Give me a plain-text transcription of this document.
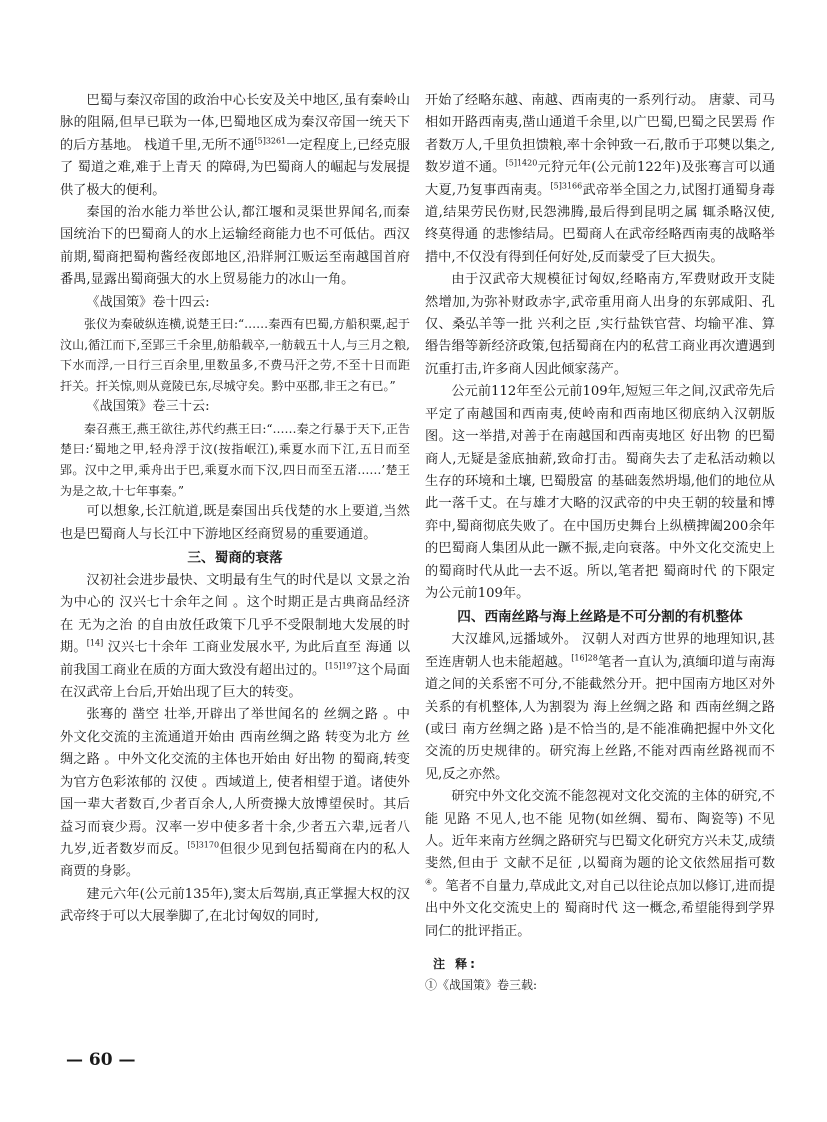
巴蜀与秦汉帝国的政治中心长安及关中地区,虽有秦岭山脉的阻隔,但早已联为一体,巴蜀地区成为秦汉帝国一统天下的后方基地。 栈道千里,无所不通$^{[5]3261}$一定程度上,已经克服了 蜀道之难,难于上青天 的障碍,为巴蜀商人的崛起与发展提供了极大的便利。

秦国的治水能力举世公认,都江堰和灵渠世界闻名,而秦国统治下的巴蜀商人的水上运输经商能力也不可低估。西汉前期,蜀商把蜀枸酱经夜郎地区,沿牂牁江贩运至南越国首府番禺,显露出蜀商强大的水上贸易能力的冰山一角。

《战国策》卷十四云:

张仪为秦破纵连横,说楚王曰:“……秦西有巴蜀,方船积粟,起于汶山,循江而下,至郢三千余里,舫船载卒,一舫载五十人,与三月之粮,下水而浮,一日行三百余里,里数虽多,不费马汗之劳,不至十日而距扞关。扞关惊,则从竟陵已东,尽城守矣。黔中巫郡,非王之有已。”

《战国策》卷三十云:

秦召燕王,燕王欲往,苏代约燕王曰:“……秦之行暴于天下,正告楚曰:‘蜀地之甲,轻舟浮于汶(按指岷江),乘夏水而下江,五日而至郢。汉中之甲,乘舟出于巴,乘夏水而下汉,四日而至五渚……’楚王为是之故,十七年事秦。”

可以想象,长江航道,既是秦国出兵伐楚的水上要道,当然也是巴蜀商人与长江中下游地区经商贸易的重要通道。

三、蜀商的衰落

汉初社会进步最快、文明最有生气的时代是以 文景之治 为中心的 汉兴七十余年之间 。这个时期正是古典商品经济在 无为之治 的自由放任政策下几乎不受限制地大发展的时期。[14] 汉兴七十余年 工商业发展水平, 为此后直至 海通 以前我国工商业在质的方面大致没有超出过的。$^{[15]197}$这个局面在汉武帝上台后,开始出现了巨大的转变。

张骞的 凿空 壮举,开辟出了举世闻名的 丝绸之路 。中外文化交流的主流通道开始由 西南丝绸之路 转变为北方 丝绸之路 。中外文化交流的主体也开始由 好出物 的蜀商,转变为官方色彩浓郁的 汉使 。西域道上, 使者相望于道。诸使外国一辈大者数百,少者百余人,人所赍操大放博望侯时。其后益习而衰少焉。汉率一岁中使多者十余,少者五六辈,远者八九岁,近者数岁而反。$^{[5]3170}$但很少见到包括蜀商在内的私人商贾的身影。

建元六年(公元前135年),窦太后驾崩,真正掌握大权的汉武帝终于可以大展拳脚了,在北讨匈奴的同时,

开始了经略东越、南越、西南夷的一系列行动。 唐蒙、司马相如开路西南夷,凿山通道千余里,以广巴蜀,巴蜀之民罢焉 作者数万人,千里负担馈粮,率十余钟致一石,散币于邛僰以集之,数岁道不通。$^{[5]1420}$元狩元年(公元前122年)及张骞言可以通大夏,乃复事西南夷。$^{[5]3166}$武帝举全国之力,试图打通蜀身毒道,结果劳民伤财,民怨沸腾,最后得到昆明之属 辄杀略汉使,终莫得通 的悲惨结局。巴蜀商人在武帝经略西南夷的战略举措中,不仅没有得到任何好处,反而蒙受了巨大损失。

由于汉武帝大规模征讨匈奴,经略南方,军费财政开支陡然增加,为弥补财政赤字,武帝重用商人出身的东郭咸阳、孔仅、桑弘羊等一批 兴利之臣 ,实行盐铁官营、均输平准、算缗告缗等新经济政策,包括蜀商在内的私营工商业再次遭遇到沉重打击,许多商人因此倾家荡产。

公元前112年至公元前109年,短短三年之间,汉武帝先后平定了南越国和西南夷,使岭南和西南地区彻底纳入汉朝版图。这一举措,对善于在南越国和西南夷地区 好出物 的巴蜀商人,无疑是釜底抽薪,致命打击。蜀商失去了走私活动赖以生存的环境和土壤, 巴蜀殷富 的基础轰然坍塌,他们的地位从此一落千丈。在与雄才大略的汉武帝的中央王朝的较量和博弈中,蜀商彻底失败了。在中国历史舞台上纵横捭阖200余年的巴蜀商人集团从此一蹶不振,走向衰落。中外文化交流史上的蜀商时代从此一去不返。所以,笔者把 蜀商时代 的下限定为公元前109年。

四、西南丝路与海上丝路是不可分割的有机整体

大汉雄风,远播域外。 汉朝人对西方世界的地理知识,甚至连唐朝人也未能超越。$^{[16]28}$笔者一直认为,滇缅印道与南海道之间的关系密不可分,不能截然分开。把中国南方地区对外关系的有机整体,人为割裂为 海上丝绸之路 和 西南丝绸之路(或曰 南方丝绸之路 )是不恰当的,是不能准确把握中外文化交流的历史规律的。研究海上丝路,不能对西南丝路视而不见,反之亦然。

研究中外文化交流不能忽视对文化交流的主体的研究,不能 见路 不见人,也不能 见物(如丝绸、蜀布、陶瓷等) 不见人。近年来南方丝绸之路研究与巴蜀文化研究方兴未艾,成绩斐然,但由于 文献不足征 ,以蜀商为题的论文依然屈指可数④。笔者不自量力,草成此文,对自己以往论点加以修订,进而提出中外文化交流史上的 蜀商时代 这一概念,希望能得到学界同仁的批评指正。

注 释:

①《战国策》卷三载:

— 60 —
